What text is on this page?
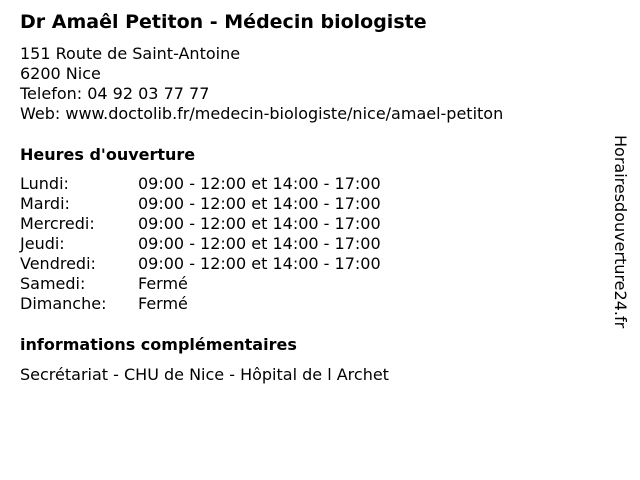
Dr Amaêl Petiton - Médecin biologiste
151 Route de Saint-Antoine
6200 Nice
Telefon: 04 92 03 77 77
Web: www.doctolib.fr/medecin-biologiste/nice/amael-petiton
Heures d'ouverture
Lundi:	09:00 - 12:00 et 14:00 - 17:00
Mardi:	09:00 - 12:00 et 14:00 - 17:00
Mercredi:	09:00 - 12:00 et 14:00 - 17:00
Jeudi:	09:00 - 12:00 et 14:00 - 17:00
Vendredi:	09:00 - 12:00 et 14:00 - 17:00
Samedi:	Fermé
Dimanche:	Fermé
informations complémentaires
Secrétariat - CHU de Nice - Hôpital de l Archet
Horairesdouverture24.fr
